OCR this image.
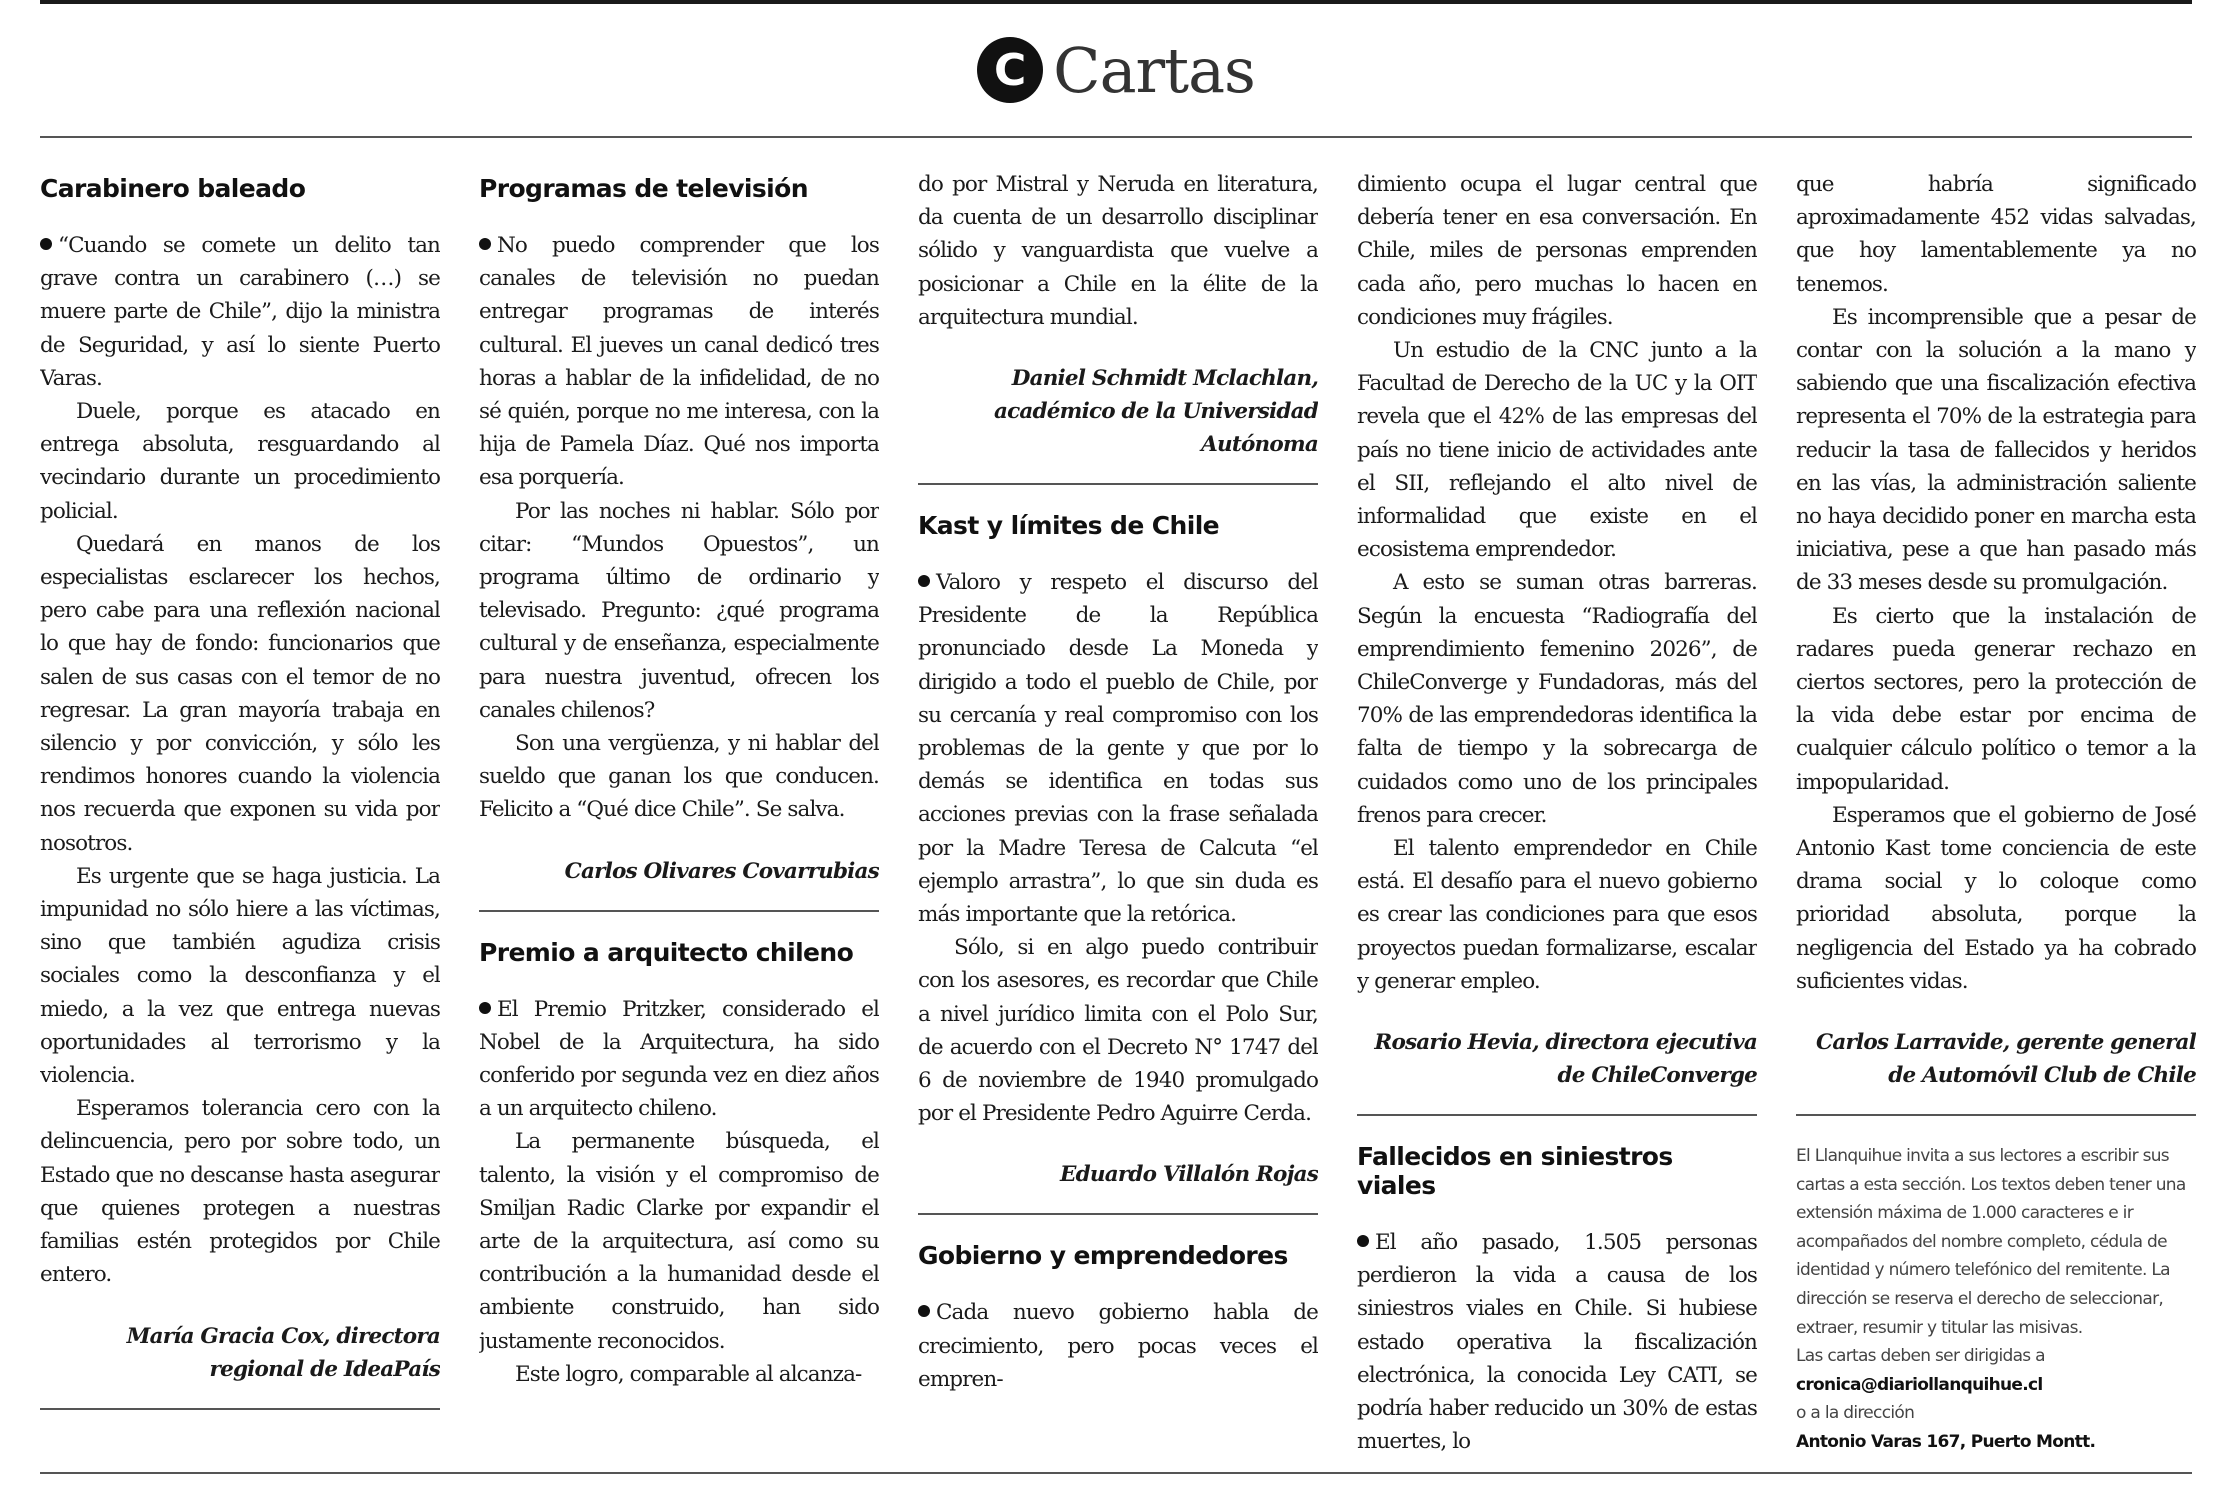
C Cartas
Carabinero baleado

“Cuando se comete un delito tan grave contra un carabinero (…) se muere parte de Chile”, dijo la ministra de Seguridad, y así lo siente Puerto Varas.

Duele, porque es atacado en entrega absoluta, resguardando al vecindario durante un procedimiento policial.

Quedará en manos de los especialistas esclarecer los hechos, pero cabe para una reflexión nacional lo que hay de fondo: funcionarios que salen de sus casas con el temor de no regresar. La gran mayoría trabaja en silencio y por convicción, y sólo les rendimos honores cuando la violencia nos recuerda que exponen su vida por nosotros.

Es urgente que se haga justicia. La impunidad no sólo hiere a las víctimas, sino que también agudiza crisis sociales como la desconfianza y el miedo, a la vez que entrega nuevas oportunidades al terrorismo y la violencia.

Esperamos tolerancia cero con la delincuencia, pero por sobre todo, un Estado que no descanse hasta asegurar que quienes protegen a nuestras familias estén protegidos por Chile entero.

María Gracia Cox, directora regional de IdeaPaís
Programas de televisión

No puedo comprender que los canales de televisión no puedan entregar programas de interés cultural. El jueves un canal dedicó tres horas a hablar de la infidelidad, de no sé quién, porque no me interesa, con la hija de Pamela Díaz. Qué nos importa esa porquería.

Por las noches ni hablar. Sólo por citar: “Mundos Opuestos”, un programa último de ordinario y televisado. Pregunto: ¿qué programa cultural y de enseñanza, especialmente para nuestra juventud, ofrecen los canales chilenos?

Son una vergüenza, y ni hablar del sueldo que ganan los que conducen. Felicito a “Qué dice Chile”. Se salva.

Carlos Olivares Covarrubias
Premio a arquitecto chileno

El Premio Pritzker, considerado el Nobel de la Arquitectura, ha sido conferido por segunda vez en diez años a un arquitecto chileno.

La permanente búsqueda, el talento, la visión y el compromiso de Smiljan Radic Clarke por expandir el arte de la arquitectura, así como su contribución a la humanidad desde el ambiente construido, han sido justamente reconocidos.

Este logro, comparable al alcanza-

do por Mistral y Neruda en literatura, da cuenta de un desarrollo disciplinar sólido y vanguardista que vuelve a posicionar a Chile en la élite de la arquitectura mundial.

Daniel Schmidt Mclachlan, académico de la Universidad Autónoma
Kast y límites de Chile

Valoro y respeto el discurso del Presidente de la República pronunciado desde La Moneda y dirigido a todo el pueblo de Chile, por su cercanía y real compromiso con los problemas de la gente y que por lo demás se identifica en todas sus acciones previas con la frase señalada por la Madre Teresa de Calcuta “el ejemplo arrastra”, lo que sin duda es más importante que la retórica.

Sólo, si en algo puedo contribuir con los asesores, es recordar que Chile a nivel jurídico limita con el Polo Sur, de acuerdo con el Decreto N° 1747 del 6 de noviembre de 1940 promulgado por el Presidente Pedro Aguirre Cerda.

Eduardo Villalón Rojas
Gobierno y emprendedores

Cada nuevo gobierno habla de crecimiento, pero pocas veces el empren-

dimiento ocupa el lugar central que debería tener en esa conversación. En Chile, miles de personas emprenden cada año, pero muchas lo hacen en condiciones muy frágiles.

Un estudio de la CNC junto a la Facultad de Derecho de la UC y la OIT revela que el 42% de las empresas del país no tiene inicio de actividades ante el SII, reflejando el alto nivel de informalidad que existe en el ecosistema emprendedor.

A esto se suman otras barreras. Según la encuesta “Radiografía del emprendimiento femenino 2026”, de ChileConverge y Fundadoras, más del 70% de las emprendedoras identifica la falta de tiempo y la sobrecarga de cuidados como uno de los principales frenos para crecer.

El talento emprendedor en Chile está. El desafío para el nuevo gobierno es crear las condiciones para que esos proyectos puedan formalizarse, escalar y generar empleo.

Rosario Hevia, directora ejecutiva de ChileConverge
Fallecidos en siniestros viales

El año pasado, 1.505 personas perdieron la vida a causa de los siniestros viales en Chile. Si hubiese estado operativa la fiscalización electrónica, la conocida Ley CATI, se podría haber reducido un 30% de estas muertes, lo

que habría significado aproximadamente 452 vidas salvadas, que hoy lamentablemente ya no tenemos.

Es incomprensible que a pesar de contar con la solución a la mano y sabiendo que una fiscalización efectiva representa el 70% de la estrategia para reducir la tasa de fallecidos y heridos en las vías, la administración saliente no haya decidido poner en marcha esta iniciativa, pese a que han pasado más de 33 meses desde su promulgación.

Es cierto que la instalación de radares pueda generar rechazo en ciertos sectores, pero la protección de la vida debe estar por encima de cualquier cálculo político o temor a la impopularidad.

Esperamos que el gobierno de José Antonio Kast tome conciencia de este drama social y lo coloque como prioridad absoluta, porque la negligencia del Estado ya ha cobrado suficientes vidas.

Carlos Larravide, gerente general de Automóvil Club de Chile
El Llanquihue invita a sus lectores a escribir sus cartas a esta sección. Los textos deben tener una extensión máxima de 1.000 caracteres e ir acompañados del nombre completo, cédula de identidad y número telefónico del remitente. La dirección se reserva el derecho de seleccionar, extraer, resumir y titular las misivas.
Las cartas deben ser dirigidas a
cronica@diariollanquihue.cl
o a la dirección
Antonio Varas 167, Puerto Montt.
